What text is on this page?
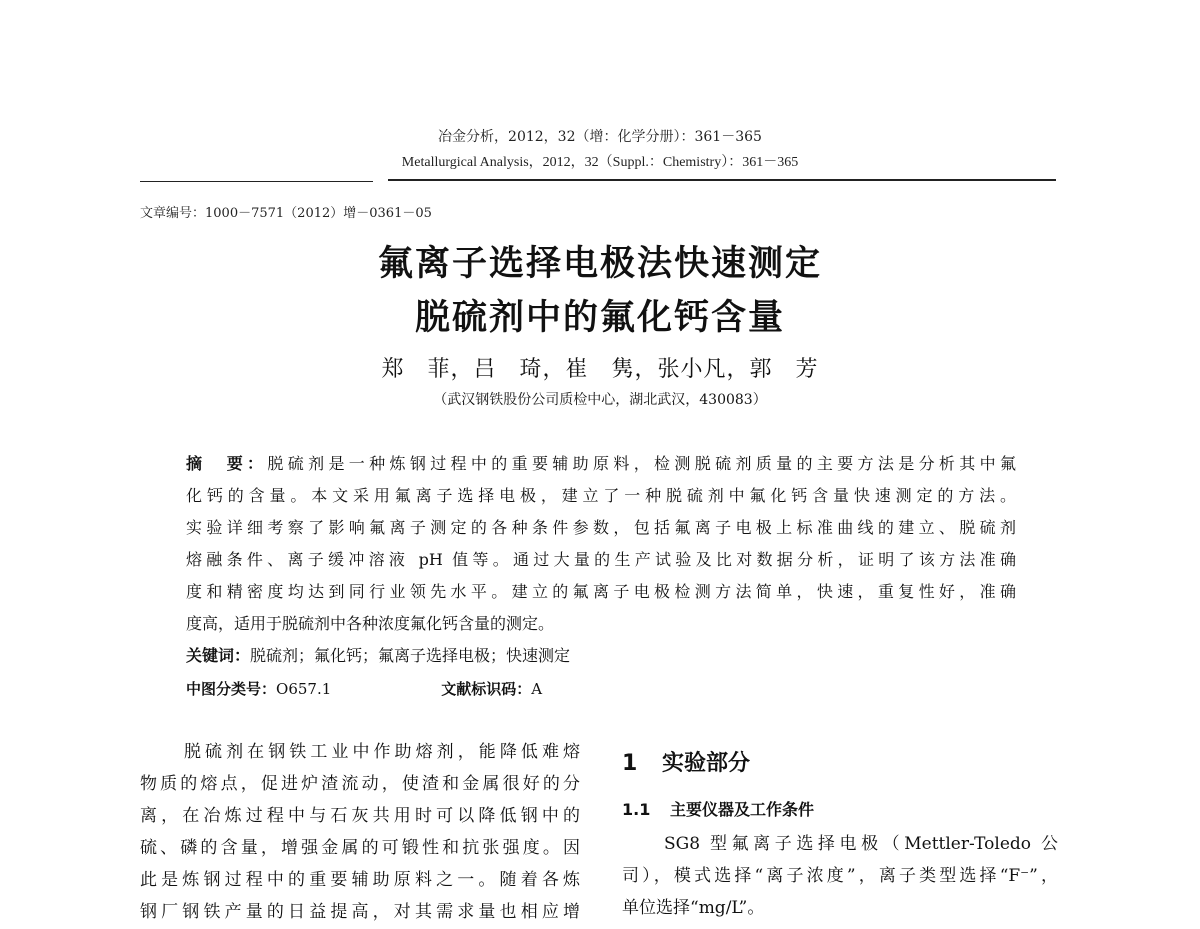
冶金分析，2012，32（增：化学分册）：361－365
Metallurgical Analysis，2012，32（Suppl.：Chemistry）：361－365
文章编号：1000－7571（2012）增－0361－05
氟离子选择电极法快速测定
脱硫剂中的氟化钙含量
郑　菲，吕　琦，崔　隽，张小凡，郭　芳
（武汉钢铁股份公司质检中心，湖北武汉，430083）
摘　要：脱硫剂是一种炼钢过程中的重要辅助原料，检测脱硫剂质量的主要方法是分析其中氟
化钙的含量。本文采用氟离子选择电极，建立了一种脱硫剂中氟化钙含量快速测定的方法。
实验详细考察了影响氟离子测定的各种条件参数，包括氟离子电极上标准曲线的建立、脱硫剂
熔融条件、离子缓冲溶液 pH 值等。通过大量的生产试验及比对数据分析，证明了该方法准确
度和精密度均达到同行业领先水平。建立的氟离子电极检测方法简单，快速，重复性好，准确
度高，适用于脱硫剂中各种浓度氟化钙含量的测定。
关键词：脱硫剂；氟化钙；氟离子选择电极；快速测定
中图分类号：O657.1	文献标识码：A
脱硫剂在钢铁工业中作助熔剂，能降低难熔
物质的熔点，促进炉渣流动，使渣和金属很好的分
离，在冶炼过程中与石灰共用时可以降低钢中的
硫、磷的含量，增强金属的可锻性和抗张强度。因
此是炼钢过程中的重要辅助原料之一。随着各炼
钢厂钢铁产量的日益提高，对其需求量也相应增
1 实验部分
1.1 主要仪器及工作条件
SG8 型氟离子选择电极（Mettler-Toledo 公
司），模式选择“离子浓度”，离子类型选择“F⁻”，
单位选择“mg/L”。
